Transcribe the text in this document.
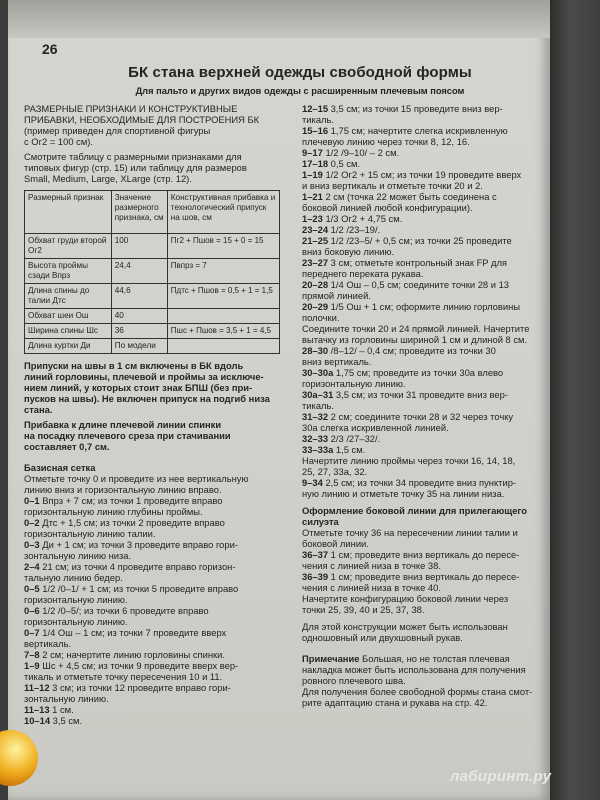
26
БК стана верхней одежды свободной формы
Для пальто и других видов одежды с расширенным плечевым поясом
РАЗМЕРНЫЕ ПРИЗНАКИ И КОНСТРУКТИВНЫЕ
ПРИБАВКИ, НЕОБХОДИМЫЕ ДЛЯ ПОСТРОЕНИЯ БК
(пример приведен для спортивной фигуры
с Ог2 = 100 см).
Смотрите таблицу с размерными признаками для
типовых фигур (стр. 15) или таблицу для размеров
Small, Medium, Large, XLarge (стр. 12).
Размерный признак	Значение размерного признака, см	Конструктивная прибавка и технологический припуск на шов, см
Обхват груди второй Ог2	100	Пг2 + Пшов = 15 + 0 = 15
Высота проймы сзади Впрз	24,4	Пвпрз = 7
Длина спины до талии Дтс	44,6	Пдтс + Пшов = 0,5 + 1 = 1,5
Обхват шеи Ош	40	
Ширина спины Шс	36	Пшс + Пшов = 3,5 + 1 = 4,5
Длина куртки Ди	По модели	
Припуски на швы в 1 см включены в БК вдоль
линий горловины, плечевой и проймы за исключе-
нием линий, у которых стоит знак БПШ (без при-
пусков на швы). Не включен припуск на подгиб низа
стана.
Прибавка к длине плечевой линии спинки
на посадку плечевого среза при стачивании
составляет 0,7 см.
Базисная сетка
Отметьте точку 0 и проведите из нее вертикальную
линию вниз и горизонтальную линию вправо.
0–1 Впрз + 7 см; из точки 1 проведите вправо
горизонтальную линию глубины проймы.
0–2 Дтс + 1,5 см; из точки 2 проведите вправо
горизонтальную линию талии.
0–3 Ди + 1 см; из точки 3 проведите вправо гори-
зонтальную линию низа.
2–4 21 см; из точки 4 проведите вправо горизон-
тальную линию бедер.
0–5 1/2 /0–1/ + 1 см; из точки 5 проведите вправо
горизонтальную линию.
0–6 1/2 /0–5/; из точки 6 проведите вправо
горизонтальную линию.
0–7 1/4 Ош – 1 см; из точки 7 проведите вверх
вертикаль.
7–8 2 см; начертите линию горловины спинки.
1–9 Шс + 4,5 см; из точки 9 проведите вверх вер-
тикаль и отметьте точку пересечения 10 и 11.
11–12 3 см; из точки 12 проведите вправо гори-
зонтальную линию.
11–13 1 см.
10–14 3,5 см.
12–15 3,5 см; из точки 15 проведите вниз вер-
тикаль.
15–16 1,75 см; начертите слегка искривленную
плечевую линию через точки 8, 12, 16.
9–17 1/2 /9–10/ – 2 см.
17–18 0,5 см.
1–19 1/2 Ог2 + 15 см; из точки 19 проведите вверх
и вниз вертикаль и отметьте точки 20 и 2.
1–21 2 см (точка 22 может быть соединена с
боковой линией любой конфигурации).
1–23 1/3 Ог2 + 4,75 см.
23–24 1/2 /23–19/.
21–25 1/2 /23–5/ + 0,5 см; из точки 25 проведите
вниз боковую линию.
23–27 3 см; отметьте контрольный знак FP для
переднего переката рукава.
20–28 1/4 Ош – 0,5 см; соедините точки 28 и 13
прямой линией.
20–29 1/5 Ош + 1 см; оформите линию горловины
полочки.
Соедините точки 20 и 24 прямой линией. Начертите
вытачку из горловины шириной 1 см и длиной 8 см.
28–30 /8–12/ – 0,4 см; проведите из точки 30
вниз вертикаль.
30–30а 1,75 см; проведите из точки 30а влево
горизонтальную линию.
30а–31 3,5 см; из точки 31 проведите вниз вер-
тикаль.
31–32 2 см; соедините точки 28 и 32 через точку
30а слегка искривленной линией.
32–33 2/3 /27–32/.
33–33а 1,5 см.
Начертите линию проймы через точки 16, 14, 18,
25, 27, 33а, 32.
9–34 2,5 см; из точки 34 проведите вниз пунктир-
ную линию и отметьте точку 35 на линии низа.
Оформление боковой линии для прилегающего
силуэта
Отметьте точку 36 на пересечении линии талии и
боковой линии.
36–37 1 см; проведите вниз вертикаль до пересе-
чения с линией низа в точке 38.
36–39 1 см; проведите вниз вертикаль до пересе-
чения с линией низа в точке 40.
Начертите конфигурацию боковой линии через
точки 25, 39, 40 и 25, 37, 38.
Для этой конструкции может быть использован
одношовный или двухшовный рукав.
Примечание Большая, но не толстая плечевая
накладка может быть использована для получения
ровного плечевого шва.
Для получения более свободной формы стана смот-
рите адаптацию стана и рукава на стр. 42.
лабиринт.ру
